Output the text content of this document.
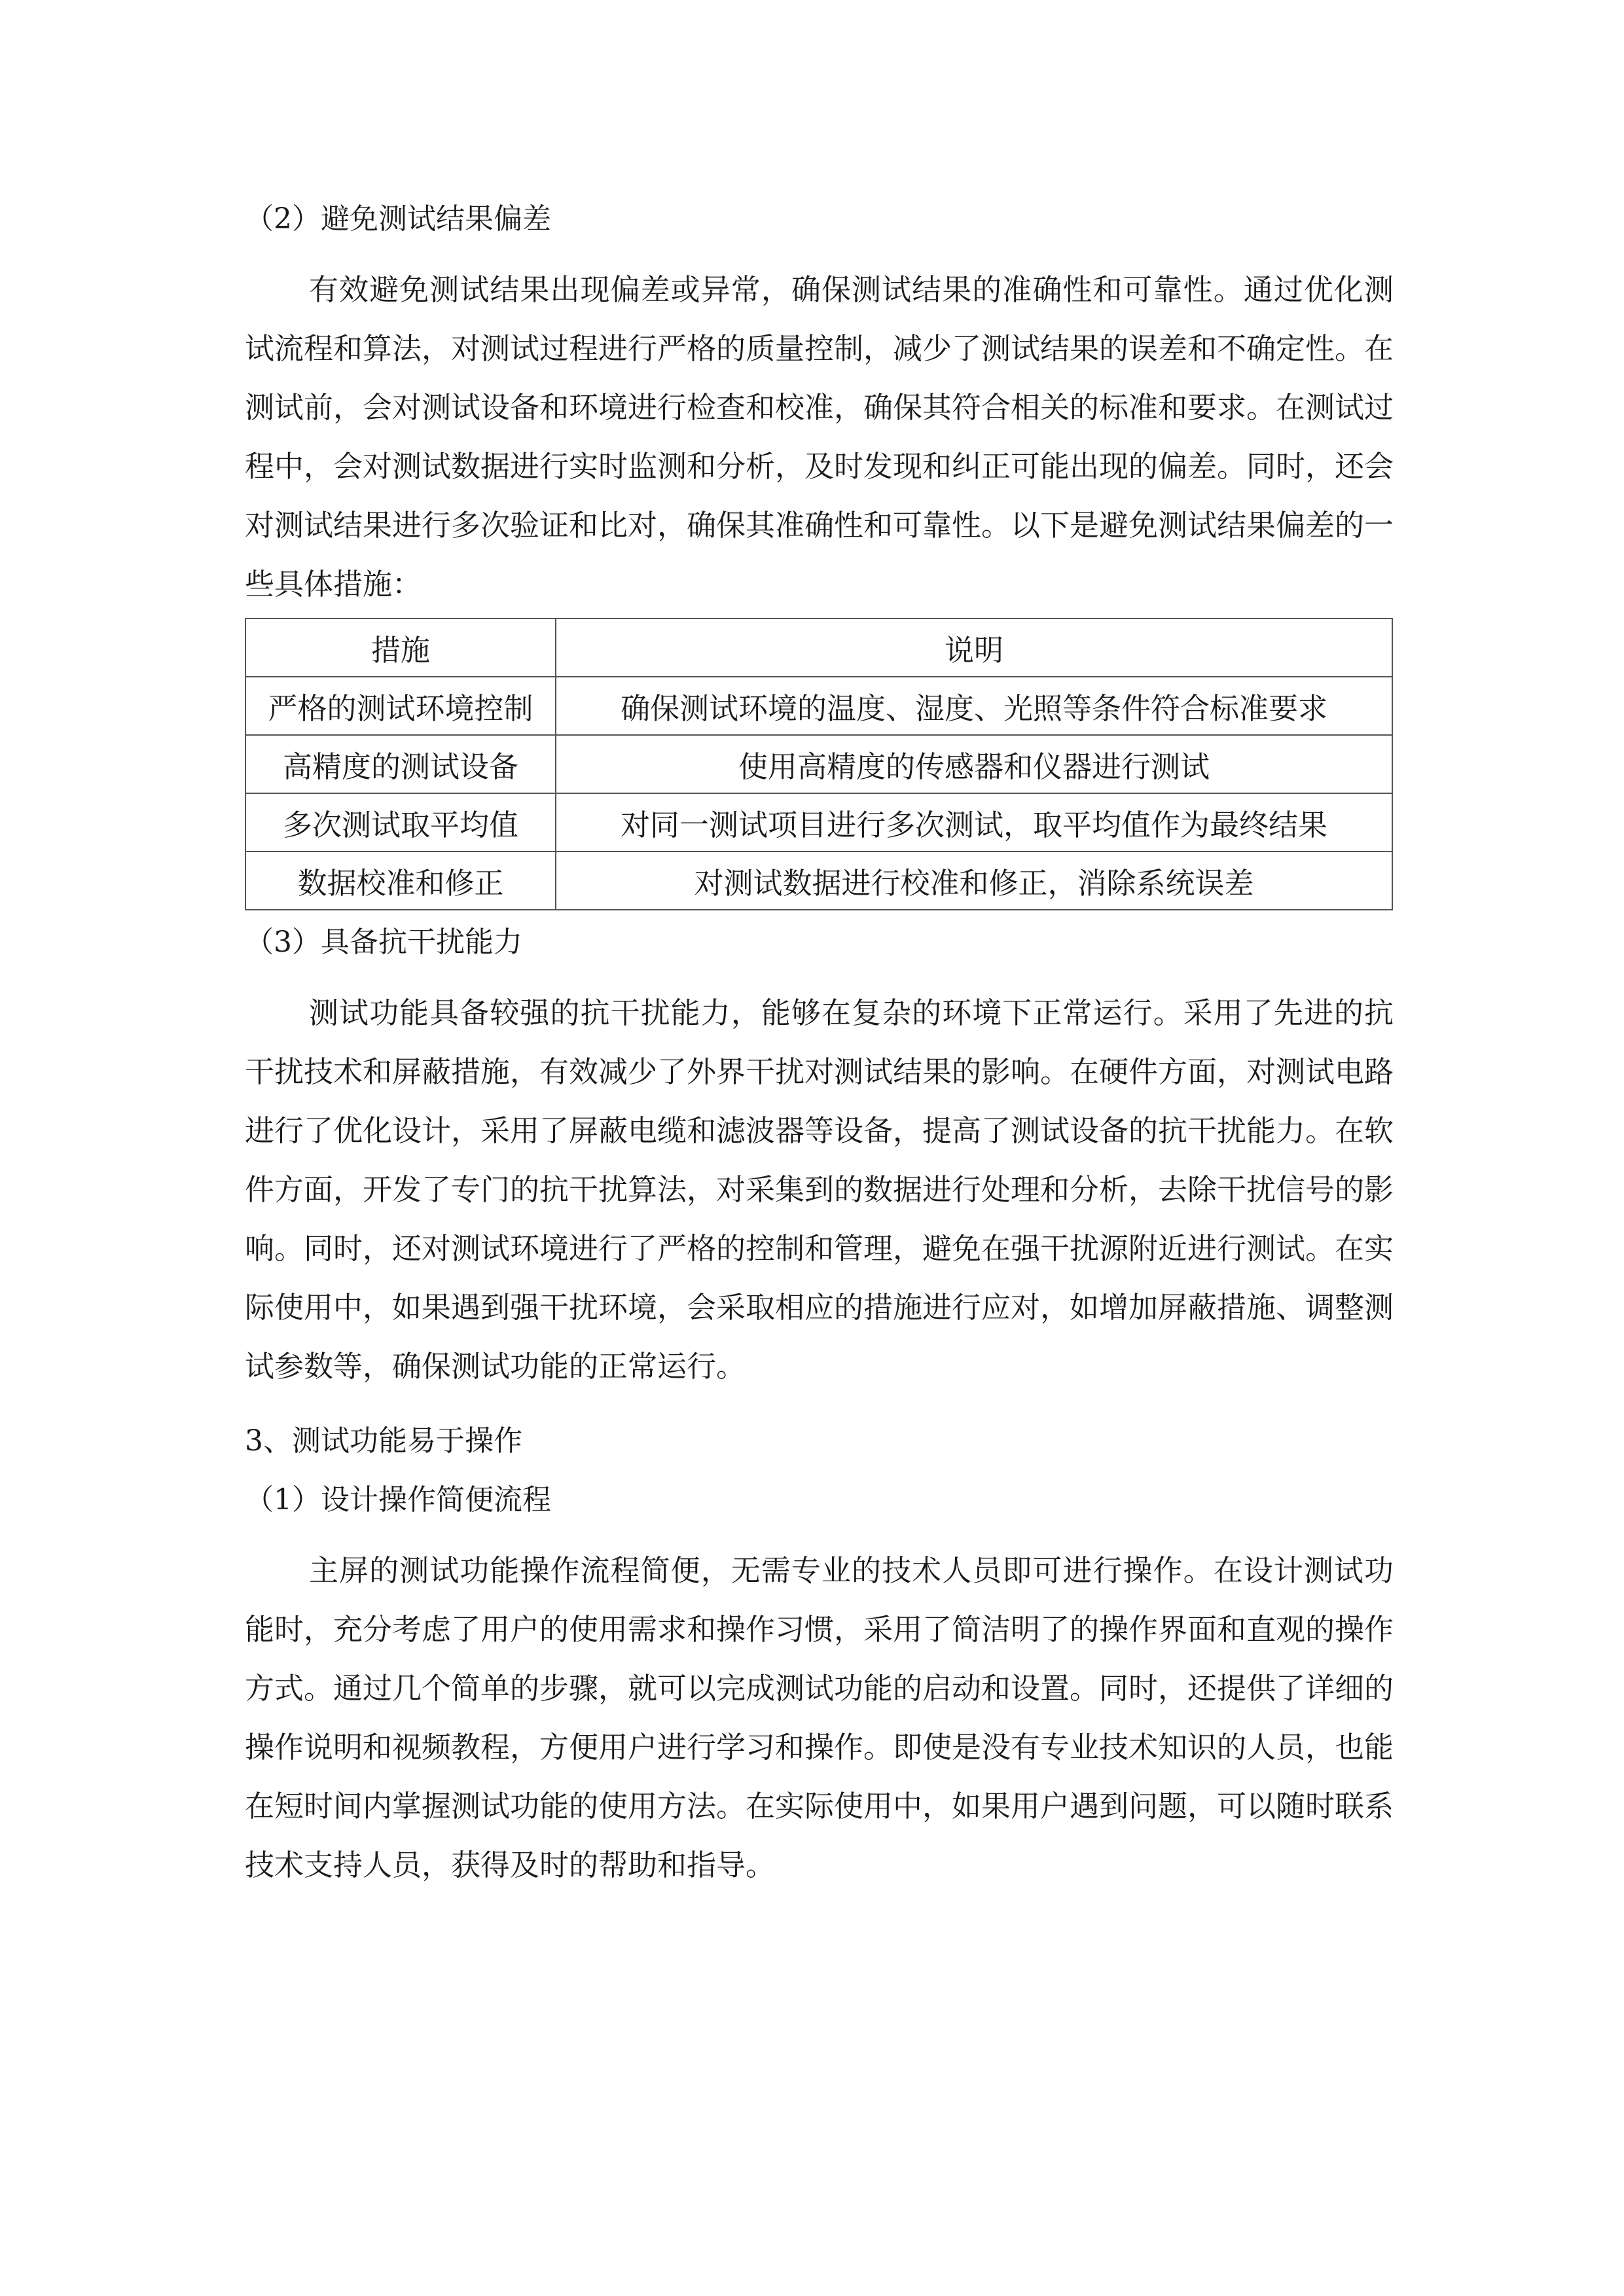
（2）避免测试结果偏差

有效避免测试结果出现偏差或异常，确保测试结果的准确性和可靠性。通过优化测试流程和算法，对测试过程进行严格的质量控制，减少了测试结果的误差和不确定性。在测试前，会对测试设备和环境进行检查和校准，确保其符合相关的标准和要求。在测试过程中，会对测试数据进行实时监测和分析，及时发现和纠正可能出现的偏差。同时，还会对测试结果进行多次验证和比对，确保其准确性和可靠性。以下是避免测试结果偏差的一些具体措施：

措施	说明
严格的测试环境控制	确保测试环境的温度、湿度、光照等条件符合标准要求
高精度的测试设备	使用高精度的传感器和仪器进行测试
多次测试取平均值	对同一测试项目进行多次测试，取平均值作为最终结果
数据校准和修正	对测试数据进行校准和修正，消除系统误差

（3）具备抗干扰能力

测试功能具备较强的抗干扰能力，能够在复杂的环境下正常运行。采用了先进的抗干扰技术和屏蔽措施，有效减少了外界干扰对测试结果的影响。在硬件方面，对测试电路进行了优化设计，采用了屏蔽电缆和滤波器等设备，提高了测试设备的抗干扰能力。在软件方面，开发了专门的抗干扰算法，对采集到的数据进行处理和分析，去除干扰信号的影响。同时，还对测试环境进行了严格的控制和管理，避免在强干扰源附近进行测试。在实际使用中，如果遇到强干扰环境，会采取相应的措施进行应对，如增加屏蔽措施、调整测试参数等，确保测试功能的正常运行。

3、测试功能易于操作

（1）设计操作简便流程

主屏的测试功能操作流程简便，无需专业的技术人员即可进行操作。在设计测试功能时，充分考虑了用户的使用需求和操作习惯，采用了简洁明了的操作界面和直观的操作方式。通过几个简单的步骤，就可以完成测试功能的启动和设置。同时，还提供了详细的操作说明和视频教程，方便用户进行学习和操作。即使是没有专业技术知识的人员，也能在短时间内掌握测试功能的使用方法。在实际使用中，如果用户遇到问题，可以随时联系技术支持人员，获得及时的帮助和指导。
